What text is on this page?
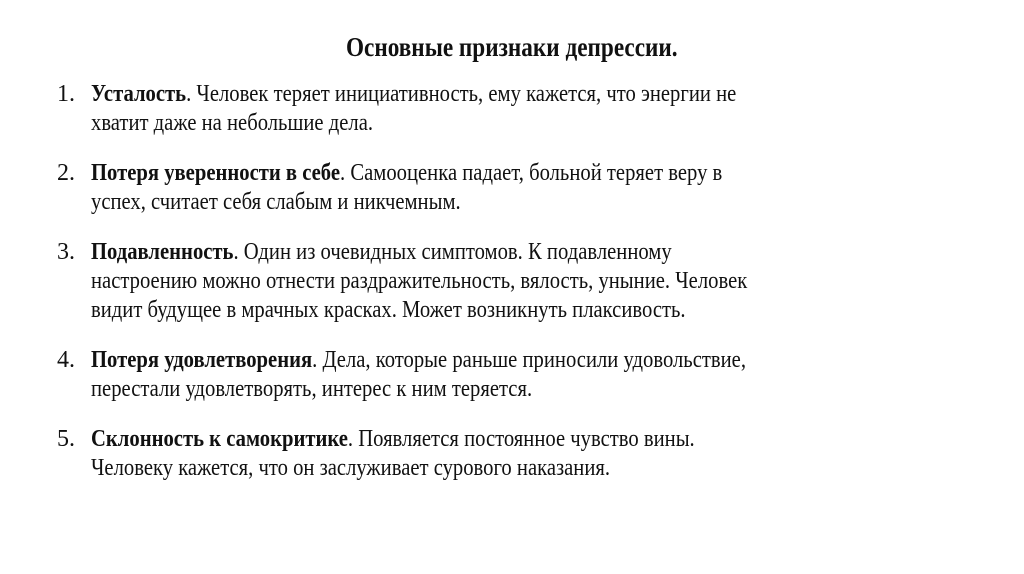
Основные признаки депрессии.
1. Усталость. Человек теряет инициативность, ему кажется, что энергии не
хватит даже на небольшие дела.
2. Потеря уверенности в себе. Самооценка падает, больной теряет веру в
успех, считает себя слабым и никчемным.
3. Подавленность. Один из очевидных симптомов. К подавленному
настроению можно отнести раздражительность, вялость, уныние. Человек
видит будущее в мрачных красках. Может возникнуть плаксивость.
4. Потеря удовлетворения. Дела, которые раньше приносили удовольствие,
перестали удовлетворять, интерес к ним теряется.
5. Склонность к самокритике. Появляется постоянное чувство вины.
Человеку кажется, что он заслуживает сурового наказания.
